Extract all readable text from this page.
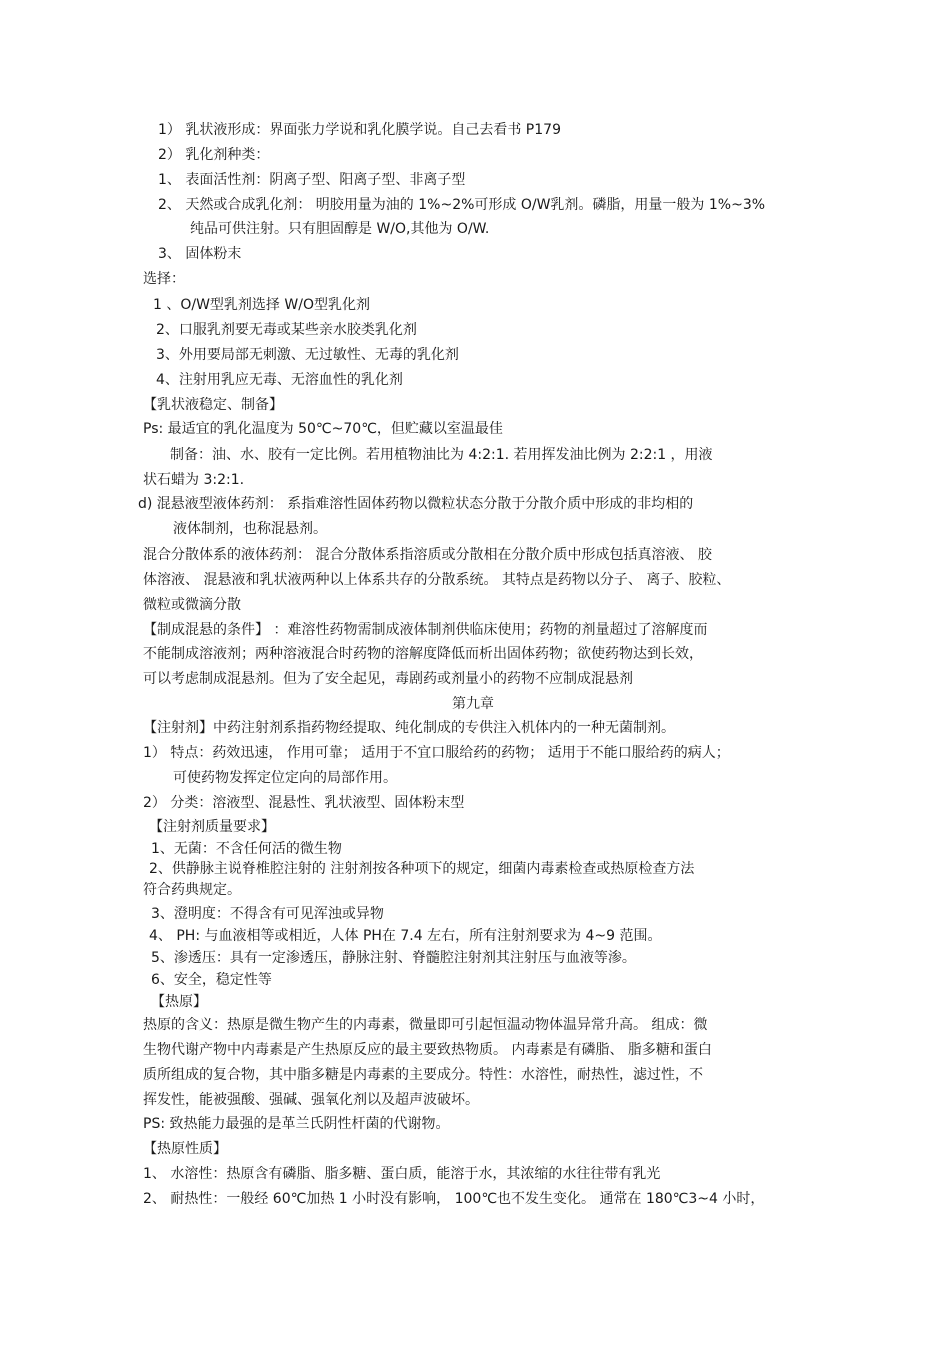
1） 乳状液形成：界面张力学说和乳化膜学说。自己去看书 P179
2） 乳化剂种类：
1、 表面活性剂：阴离子型、阳离子型、非离子型
2、 天然或合成乳化剂： 明胶用量为油的 1%~2%可形成 O/W乳剂。磷脂，用量一般为 1%~3%
纯品可供注射。只有胆固醇是 W/O,其他为 O/W.
3、 固体粉末
选择：
1 、O/W型乳剂选择 W/O型乳化剂
2、口服乳剂要无毒或某些亲水胶类乳化剂
3、外用要局部无刺激、无过敏性、无毒的乳化剂
4、注射用乳应无毒、无溶血性的乳化剂
【乳状液稳定、制备】
Ps: 最适宜的乳化温度为 50℃~70℃，但贮藏以室温最佳
制备：油、水、胶有一定比例。若用植物油比为 4:2:1. 若用挥发油比例为 2:2:1 ，用液
状石蜡为 3:2:1.
d) 混悬液型液体药剂： 系指难溶性固体药物以微粒状态分散于分散介质中形成的非均相的
液体制剂，也称混悬剂。
混合分散体系的液体药剂： 混合分散体系指溶质或分散相在分散介质中形成包括真溶液、 胶
体溶液、 混悬液和乳状液两种以上体系共存的分散系统。 其特点是药物以分子、 离子、胶粒、
微粒或微滴分散
【制成混悬的条件】 ：难溶性药物需制成液体制剂供临床使用；药物的剂量超过了溶解度而
不能制成溶液剂；两种溶液混合时药物的溶解度降低而析出固体药物；欲使药物达到长效，
可以考虑制成混悬剂。但为了安全起见，毒剧药或剂量小的药物不应制成混悬剂
第九章
【注射剂】中药注射剂系指药物经提取、纯化制成的专供注入机体内的一种无菌制剂。
1） 特点：药效迅速， 作用可靠； 适用于不宜口服给药的药物； 适用于不能口服给药的病人；
可使药物发挥定位定向的局部作用。
2） 分类：溶液型、混悬性、乳状液型、固体粉末型
【注射剂质量要求】
1、无菌：不含任何活的微生物
2、供静脉主说脊椎腔注射的 注射剂按各种项下的规定，细菌内毒素检查或热原检查方法
符合药典规定。
3、澄明度：不得含有可见浑浊或异物
4、 PH: 与血液相等或相近，人体 PH在 7.4 左右，所有注射剂要求为 4~9 范围。
5、渗透压：具有一定渗透压，静脉注射、脊髓腔注射剂其注射压与血液等渗。
6、安全，稳定性等
【热原】
热原的含义：热原是微生物产生的内毒素，微量即可引起恒温动物体温异常升高。 组成：微
生物代谢产物中内毒素是产生热原反应的最主要致热物质。 内毒素是有磷脂、 脂多糖和蛋白
质所组成的复合物，其中脂多糖是内毒素的主要成分。特性：水溶性，耐热性，滤过性，不
挥发性，能被强酸、强碱、强氧化剂以及超声波破坏。
PS: 致热能力最强的是革兰氏阴性杆菌的代谢物。
【热原性质】
1、 水溶性：热原含有磷脂、脂多糖、蛋白质，能溶于水，其浓缩的水往往带有乳光
2、 耐热性：一般经 60℃加热 1 小时没有影响， 100℃也不发生变化。 通常在 180℃3~4 小时，
